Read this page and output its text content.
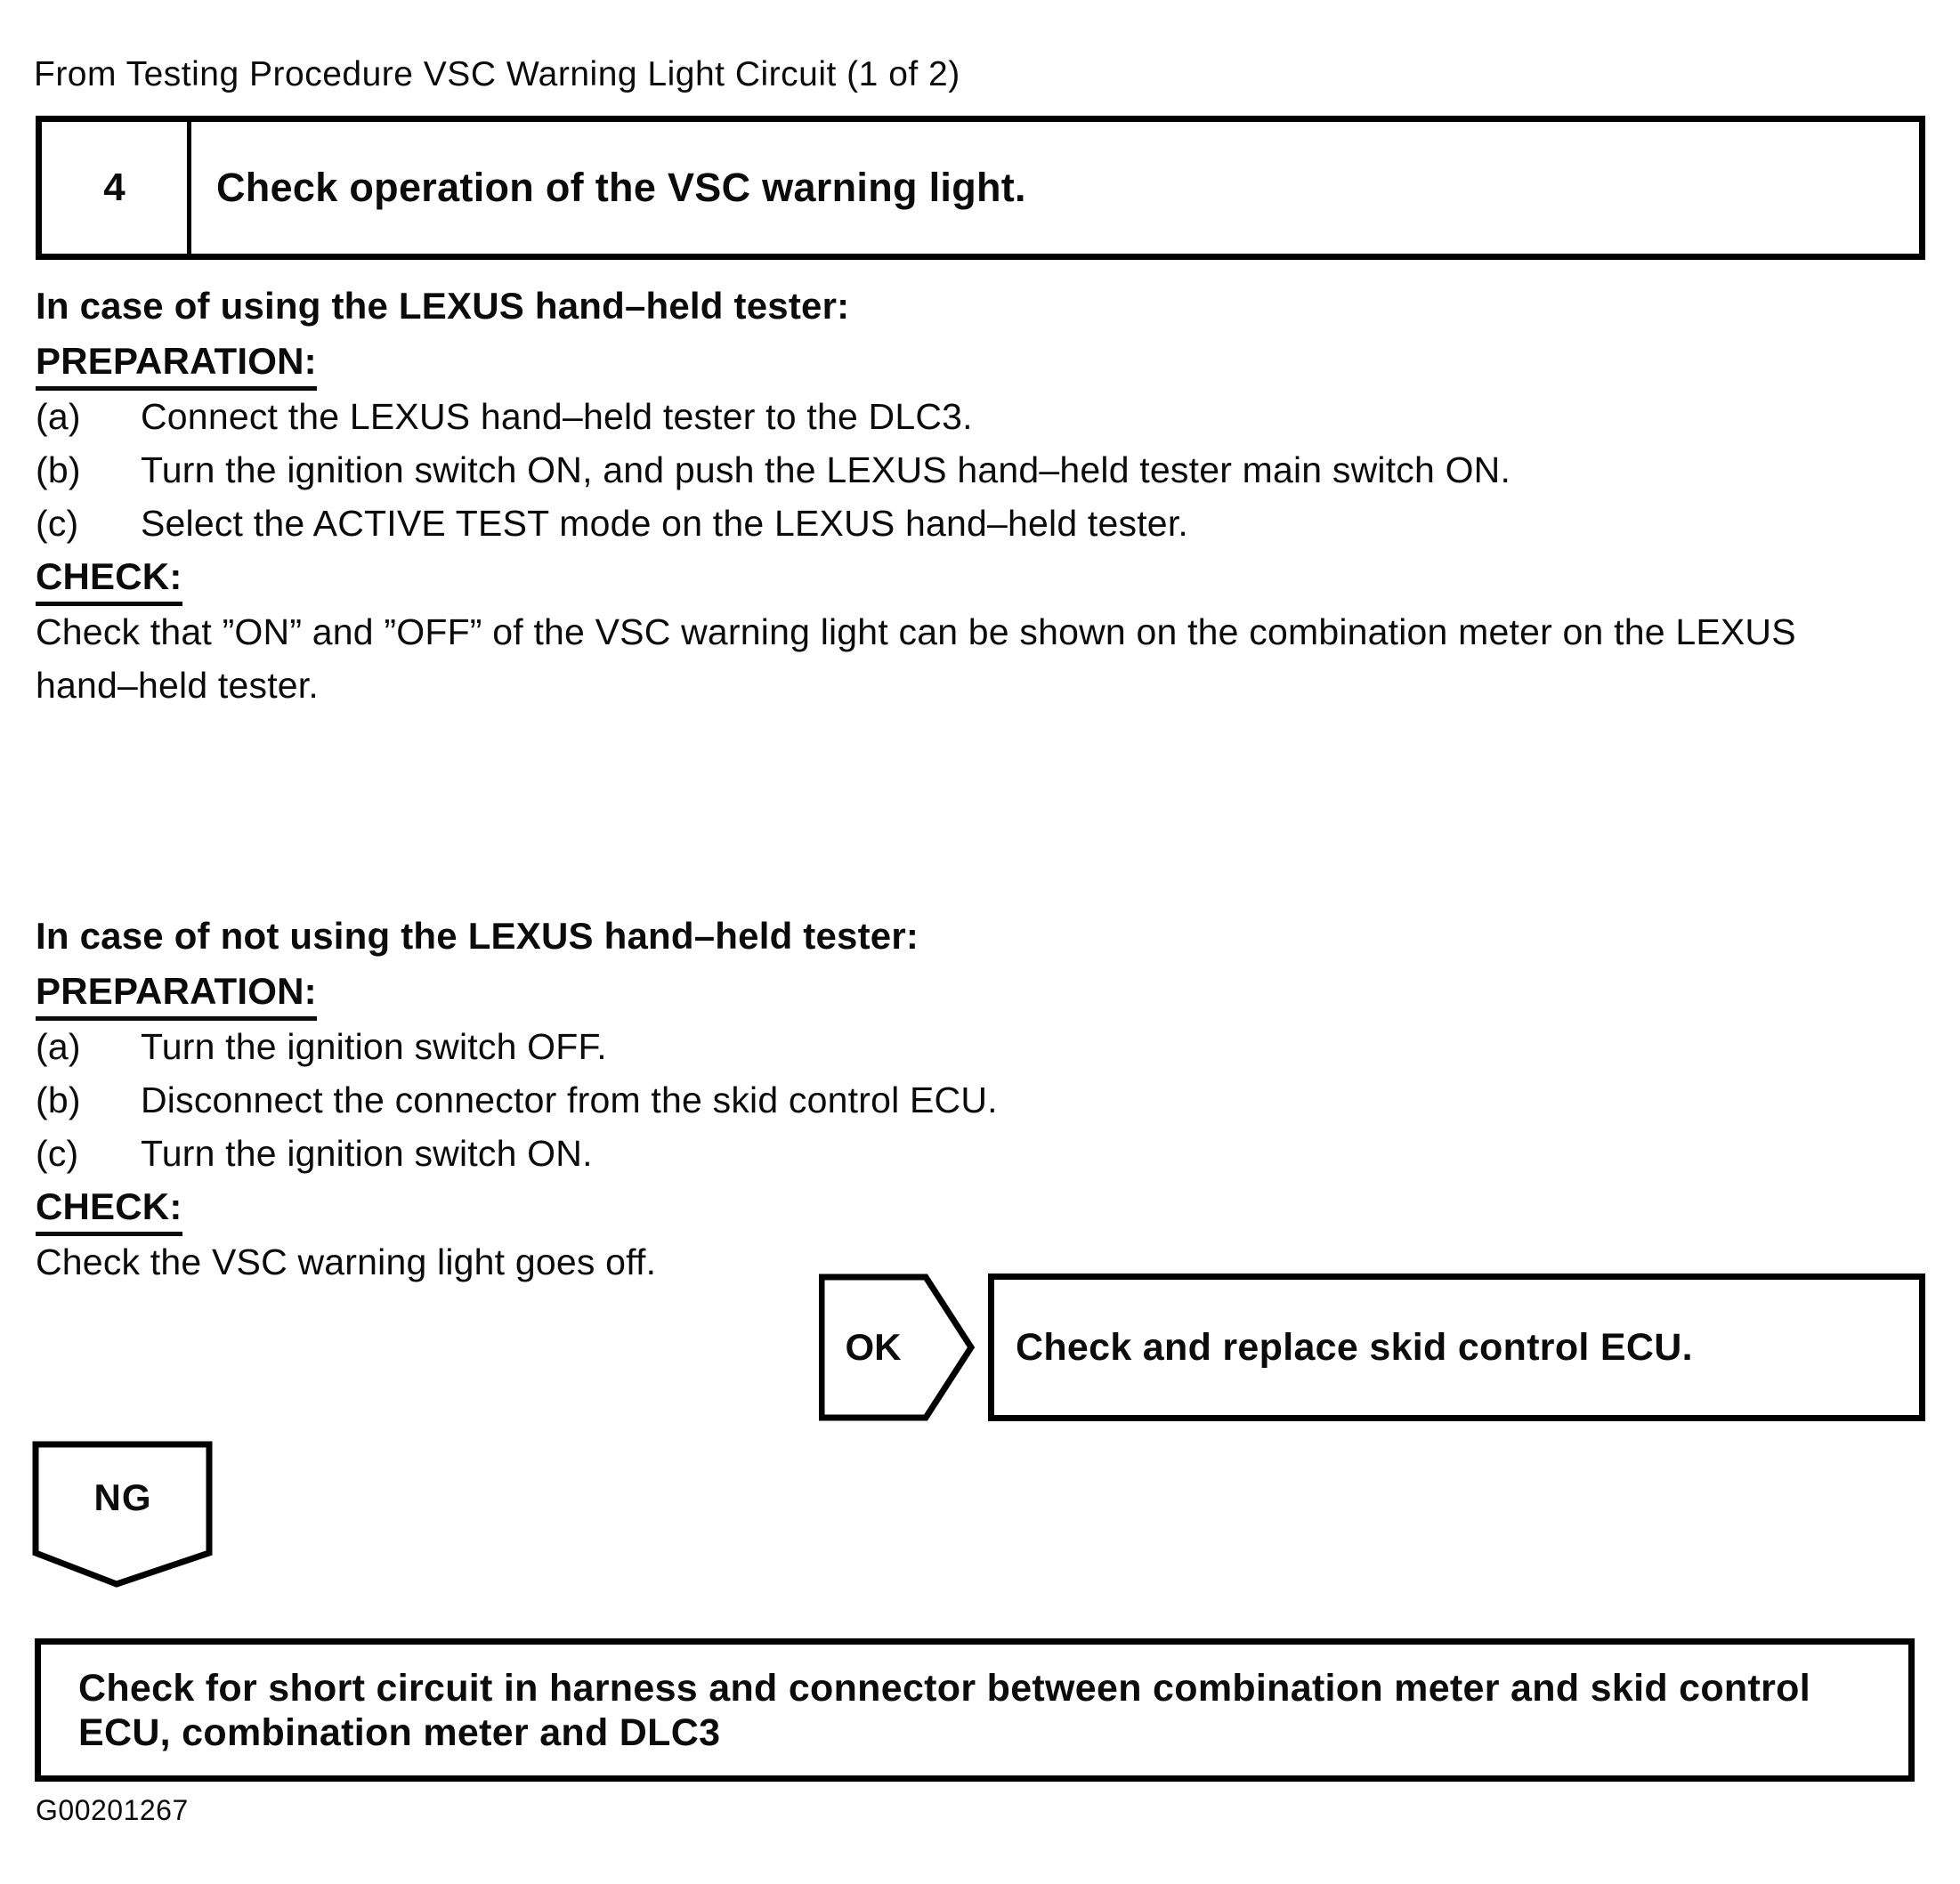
From Testing Procedure VSC Warning Light Circuit (1 of 2)
4	Check operation of the VSC warning light.
In case of using the LEXUS hand–held tester:
PREPARATION:
(a)	Connect the LEXUS hand–held tester to the DLC3.
(b)	Turn the ignition switch ON, and push the LEXUS hand–held tester main switch ON.
(c)	Select the ACTIVE TEST mode on the LEXUS hand–held tester.
CHECK:
Check that ”ON” and ”OFF” of the VSC warning light can be shown on the combination meter on the LEXUS
hand–held tester.
In case of not using the LEXUS hand–held tester:
PREPARATION:
(a)	Turn the ignition switch OFF.
(b)	Disconnect the connector from the skid control ECU.
(c)	Turn the ignition switch ON.
CHECK:
Check the VSC warning light goes off.
OK	Check and replace skid control ECU.
NG
Check for short circuit in harness and connector between combination meter and skid control
ECU, combination meter and DLC3
G00201267
